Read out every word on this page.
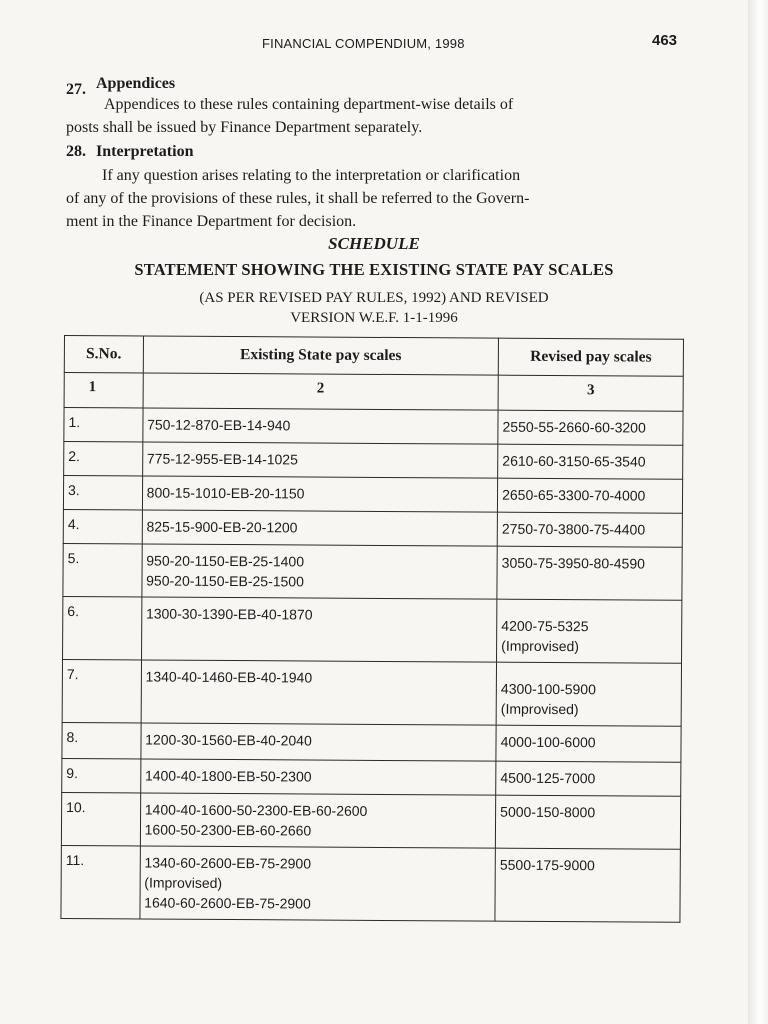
FINANCIAL COMPENDIUM, 1998	463
27. Appendices
Appendices to these rules containing department-wise details of
posts shall be issued by Finance Department separately.
28. Interpretation
If any question arises relating to the interpretation or clarification
of any of the provisions of these rules, it shall be referred to the Govern-
ment in the Finance Department for decision.
SCHEDULE
STATEMENT SHOWING THE EXISTING STATE PAY SCALES
(AS PER REVISED PAY RULES, 1992) AND REVISED
VERSION W.E.F. 1-1-1996
S.No.	Existing State pay scales	Revised pay scales
1	2	3
1.	750-12-870-EB-14-940	2550-55-2660-60-3200

2.	775-12-955-EB-14-1025	2610-60-3150-65-3540

3.	800-15-1010-EB-20-1150	2650-65-3300-70-4000

4.	825-15-900-EB-20-1200	2750-70-3800-75-4400

5.	950-20-1150-EB-25-1400
950-20-1150-EB-25-1500	3050-75-3950-80-4590

6.	1300-30-1390-EB-40-1870	4200-75-5325
(Improvised)

7.	1340-40-1460-EB-40-1940	4300-100-5900
(Improvised)

8.	1200-30-1560-EB-40-2040	4000-100-6000

9.	1400-40-1800-EB-50-2300	4500-125-7000

10.	1400-40-1600-50-2300-EB-60-2600
1600-50-2300-EB-60-2660	5000-150-8000

11.	1340-60-2600-EB-75-2900
(Improvised)
1640-60-2600-EB-75-2900	5500-175-9000
